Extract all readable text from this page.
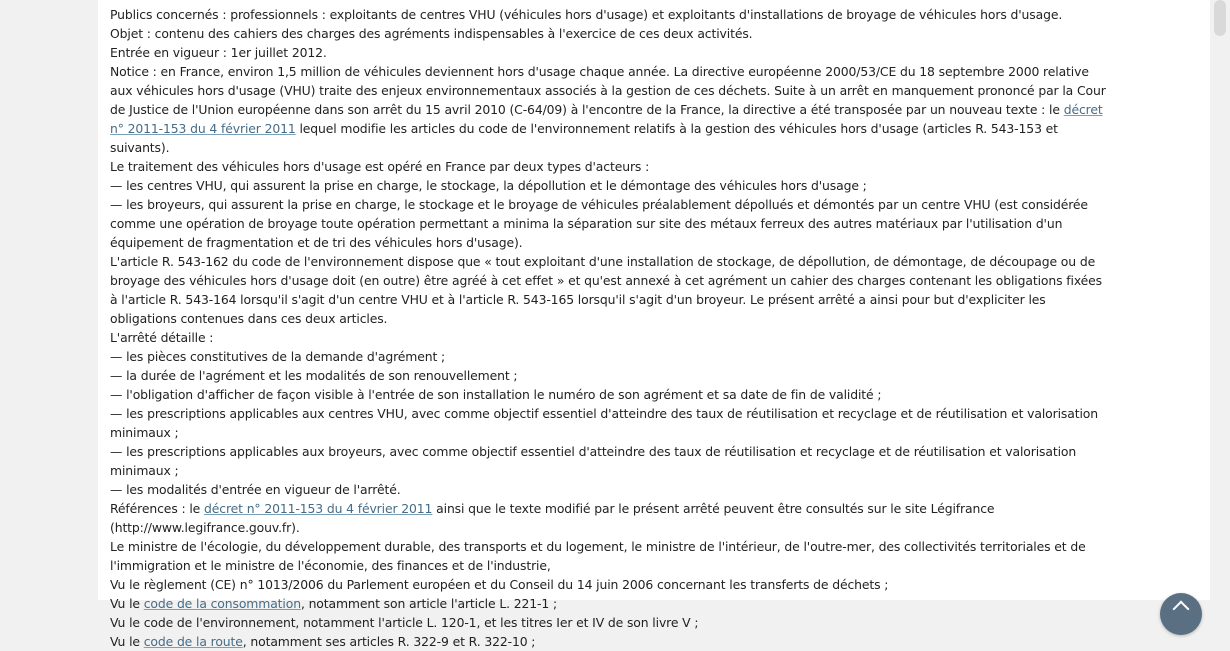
Publics concernés : professionnels : exploitants de centres VHU (véhicules hors d'usage) et exploitants d'installations de broyage de véhicules hors d'usage.
Objet : contenu des cahiers des charges des agréments indispensables à l'exercice de ces deux activités.
Entrée en vigueur : 1er juillet 2012.
Notice : en France, environ 1,5 million de véhicules deviennent hors d'usage chaque année. La directive européenne 2000/53/CE du 18 septembre 2000 relative aux véhicules hors d'usage (VHU) traite des enjeux environnementaux associés à la gestion de ces déchets. Suite à un arrêt en manquement prononcé par la Cour de Justice de l'Union européenne dans son arrêt du 15 avril 2010 (C-64/09) à l'encontre de la France, la directive a été transposée par un nouveau texte : le décret n° 2011-153 du 4 février 2011 lequel modifie les articles du code de l'environnement relatifs à la gestion des véhicules hors d'usage (articles R. 543-153 et suivants).
Le traitement des véhicules hors d'usage est opéré en France par deux types d'acteurs :
— les centres VHU, qui assurent la prise en charge, le stockage, la dépollution et le démontage des véhicules hors d'usage ;
— les broyeurs, qui assurent la prise en charge, le stockage et le broyage de véhicules préalablement dépollués et démontés par un centre VHU (est considérée comme une opération de broyage toute opération permettant a minima la séparation sur site des métaux ferreux des autres matériaux par l'utilisation d'un équipement de fragmentation et de tri des véhicules hors d'usage).
L'article R. 543-162 du code de l'environnement dispose que « tout exploitant d'une installation de stockage, de dépollution, de démontage, de découpage ou de broyage des véhicules hors d'usage doit (en outre) être agréé à cet effet » et qu'est annexé à cet agrément un cahier des charges contenant les obligations fixées à l'article R. 543-164 lorsqu'il s'agit d'un centre VHU et à l'article R. 543-165 lorsqu'il s'agit d'un broyeur. Le présent arrêté a ainsi pour but d'expliciter les obligations contenues dans ces deux articles.
L'arrêté détaille :
— les pièces constitutives de la demande d'agrément ;
— la durée de l'agrément et les modalités de son renouvellement ;
— l'obligation d'afficher de façon visible à l'entrée de son installation le numéro de son agrément et sa date de fin de validité ;
— les prescriptions applicables aux centres VHU, avec comme objectif essentiel d'atteindre des taux de réutilisation et recyclage et de réutilisation et valorisation minimaux ;
— les prescriptions applicables aux broyeurs, avec comme objectif essentiel d'atteindre des taux de réutilisation et recyclage et de réutilisation et valorisation minimaux ;
— les modalités d'entrée en vigueur de l'arrêté.
Références : le décret n° 2011-153 du 4 février 2011 ainsi que le texte modifié par le présent arrêté peuvent être consultés sur le site Légifrance (http://www.legifrance.gouv.fr).
Le ministre de l'écologie, du développement durable, des transports et du logement, le ministre de l'intérieur, de l'outre-mer, des collectivités territoriales et de l'immigration et le ministre de l'économie, des finances et de l'industrie,
Vu le règlement (CE) n° 1013/2006 du Parlement européen et du Conseil du 14 juin 2006 concernant les transferts de déchets ;
Vu le code de la consommation, notamment son article l'article L. 221-1 ;
Vu le code de l'environnement, notamment l'article L. 120-1, et les titres Ier et IV de son livre V ;
Vu le code de la route, notamment ses articles R. 322-9 et R. 322-10 ;
